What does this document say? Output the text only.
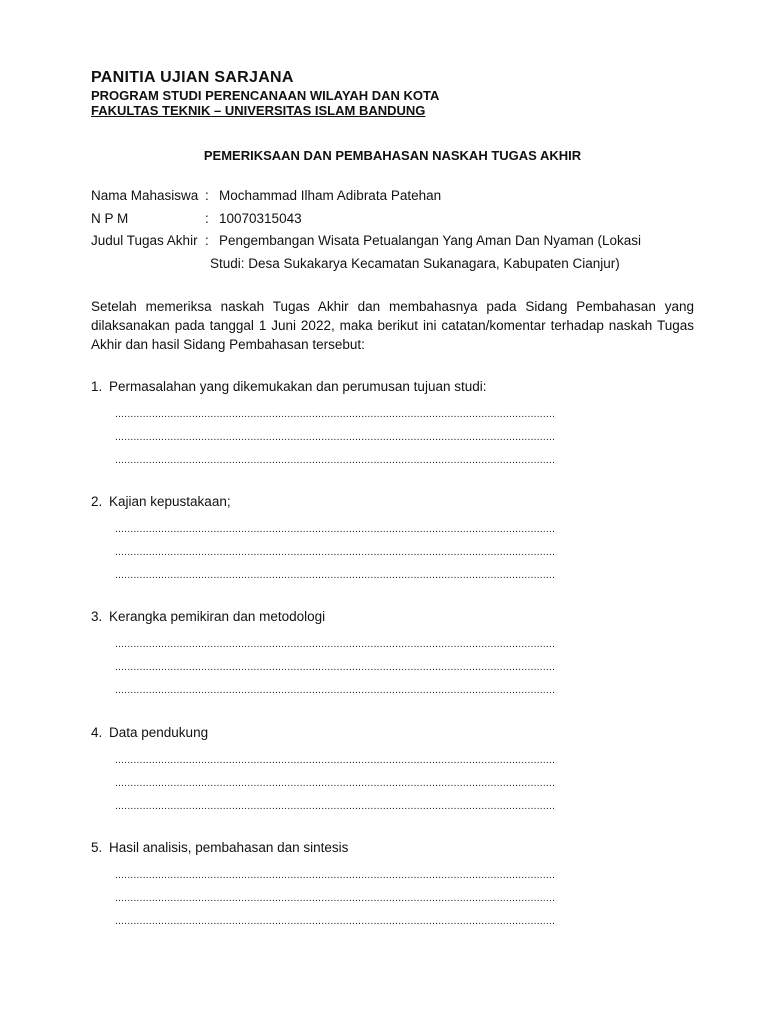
PANITIA UJIAN SARJANA
PROGRAM STUDI PERENCANAAN WILAYAH DAN KOTA
FAKULTAS TEKNIK – UNIVERSITAS ISLAM BANDUNG
PEMERIKSAAN DAN PEMBAHASAN NASKAH TUGAS AKHIR
Nama Mahasiswa : Mochammad Ilham Adibrata Patehan
N P M	: 10070315043
Judul Tugas Akhir : Pengembangan Wisata Petualangan Yang Aman Dan Nyaman (Lokasi
Studi: Desa Sukakarya Kecamatan Sukanagara, Kabupaten Cianjur)
Setelah memeriksa naskah Tugas Akhir dan membahasnya pada Sidang Pembahasan yang dilaksanakan pada tanggal 1 Juni 2022, maka berikut ini catatan/komentar terhadap naskah Tugas Akhir dan hasil Sidang Pembahasan tersebut:
1. Permasalahan yang dikemukakan dan perumusan tujuan studi:
...............................................................................................................................................
...............................................................................................................................................
...............................................................................................................................................
2. Kajian kepustakaan;
...............................................................................................................................................
...............................................................................................................................................
...............................................................................................................................................
3. Kerangka pemikiran dan metodologi
...............................................................................................................................................
...............................................................................................................................................
...............................................................................................................................................
4. Data pendukung
...............................................................................................................................................
...............................................................................................................................................
...............................................................................................................................................
5. Hasil analisis, pembahasan dan sintesis
...............................................................................................................................................
...............................................................................................................................................
...............................................................................................................................................
